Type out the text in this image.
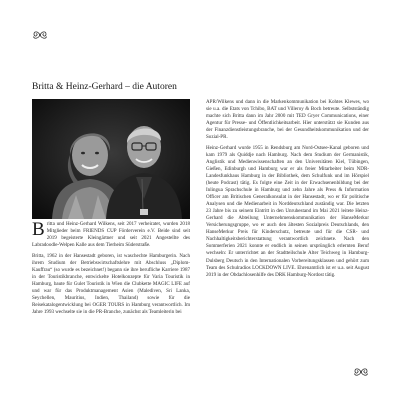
Britta & Heinz-Gerhard – die Autoren

Britta und Heinz-Gerhard Wilkens, seit 2017 verheiratet, wurden 2018 Mitglieder beim FRIENDS CUP Förderverein e.V. Beide sind seit 2019 begeisterte Kleingärtner und seit 2021 Angestellte des Labradoodle-Welpen Kalle aus dem Tierheim Süderstraße.

Britta, 1962 in der Hansestadt geboren, ist waschechte Hamburgerin. Nach ihrem Studium der Betriebswirtschaftslehre mit Abschluss „Diplom-Kauffrau“ (so wurde es bezeichnet!) begann sie ihre berufliche Karriere 1987 in der Touristikbranche, entwickelte Hotelkonzepte für Varia Touristik in Hamburg, baute für Gulet Touristik in Wien die Clubkette MAGIC LIFE auf und war für das Produktmanagement Asien (Malediven, Sri Lanka, Seychellen, Mauritius, Indien, Thailand) sowie für die Reisekatalogentwicklung bei OGER TOURS in Hamburg verantwortlich. Im Jahre 1993 wechselte sie in die PR-Branche, zunächst als Teamleiterin bei

APR/Wilkens und dann in die Markenkommunikation bei Kohtes Klewes, wo sie u.a. die Etats von Tchibo, BAT und Villeroy & Boch betreute. Selbstständig machte sich Britta dann im Jahr 2000 mit TED Gryer Communications, einer Agentur für Presse- und Öffentlichkeitsarbeit. Hier unterstützt sie Kunden aus der Finanzdienstleistungsbranche, bei der Gesundheitskommunikation und der Sozial-PR.

Heinz-Gerhard wurde 1955 in Rendsburg am Nord-Ostsee-Kanal geboren und kam 1979 als Quiddje nach Hamburg. Nach dem Studium der Germanistik, Anglistik und Medienwissenschaften an den Universitäten Kiel, Tübingen, Gießen, Edinburgh und Hamburg war er als freier Mitarbeiter beim NDR-Landesfunkhaus Hamburg in der Bibliothek, dem Schulfunk und im Hörspiel (heute Podcast) tätig. Es folgte eine Zeit in der Erwachsenenbildung bei der Inlingua Sprachschule in Hamburg und zehn Jahre als Press & Information Officer am Britischen Generalkonsulat in der Hansestadt, wo er für politische Analysen und die Medienarbeit in Norddeutschland zuständig war. Die letzten 23 Jahre bis zu seinem Eintritt in den Unruhestand im Mai 2021 leitete Heinz-Gerhard die Abteilung Unternehmenskommunikation der HanseMerkur Versicherungsgruppe, wo er auch den ältesten Sozialpreis Deutschlands, den HanseMerkur Preis für Kinderschutz, betreute und für die CSR- und Nachhaltigkeitsberichterstattung verantwortlich zeichnete. Nach den Sommerferien 2021 konnte er endlich in seinen ursprünglich erlernten Beruf wechseln: Er unterrichtet an der Stadtteilschule Alter Teichweg in Hamburg-Dulsberg Deutsch in den Internationalen Vorbereitungsklassen und gehört zum Team des Schulradios LOCKDOWN LIVE. Ehrenamtlich ist er u.a. seit August 2019 in der Obdachlosenhilfe des DRK Hamburg-Nordost tätig.
